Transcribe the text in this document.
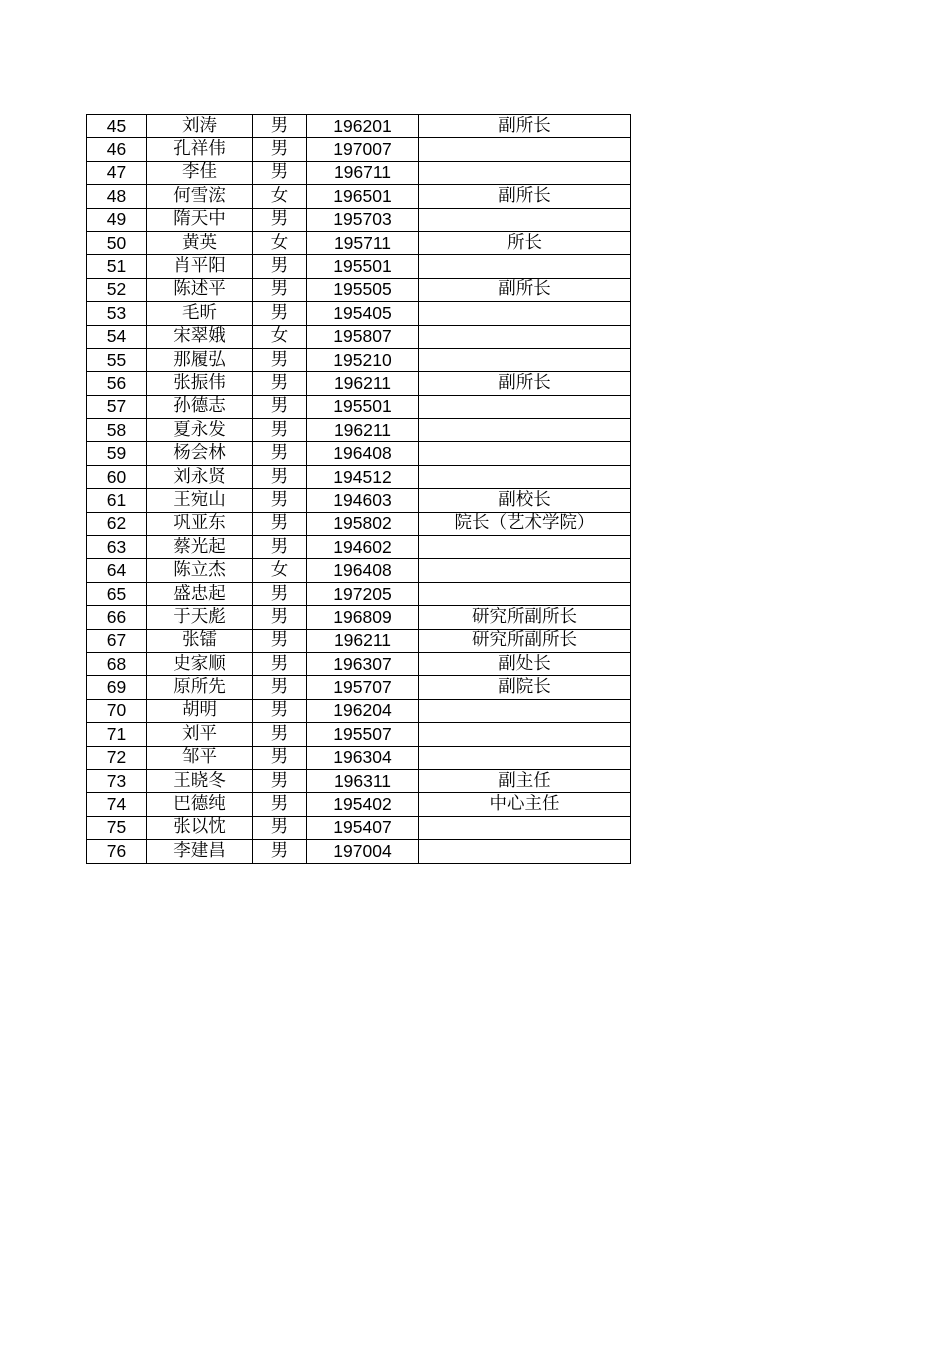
45	刘涛	男	196201	副所长
46	孔祥伟	男	197007	
47	李佳	男	196711	
48	何雪浤	女	196501	副所长
49	隋天中	男	195703	
50	黄英	女	195711	所长
51	肖平阳	男	195501	
52	陈述平	男	195505	副所长
53	毛昕	男	195405	
54	宋翠娥	女	195807	
55	那履弘	男	195210	
56	张振伟	男	196211	副所长
57	孙德志	男	195501	
58	夏永发	男	196211	
59	杨会林	男	196408	
60	刘永贤	男	194512	
61	王宛山	男	194603	副校长
62	巩亚东	男	195802	院长（艺术学院）
63	蔡光起	男	194602	
64	陈立杰	女	196408	
65	盛忠起	男	197205	
66	于天彪	男	196809	研究所副所长
67	张镭	男	196211	研究所副所长
68	史家顺	男	196307	副处长
69	原所先	男	195707	副院长
70	胡明	男	196204	
71	刘平	男	195507	
72	邹平	男	196304	
73	王晓冬	男	196311	副主任
74	巴德纯	男	195402	中心主任
75	张以忱	男	195407	
76	李建昌	男	197004	
